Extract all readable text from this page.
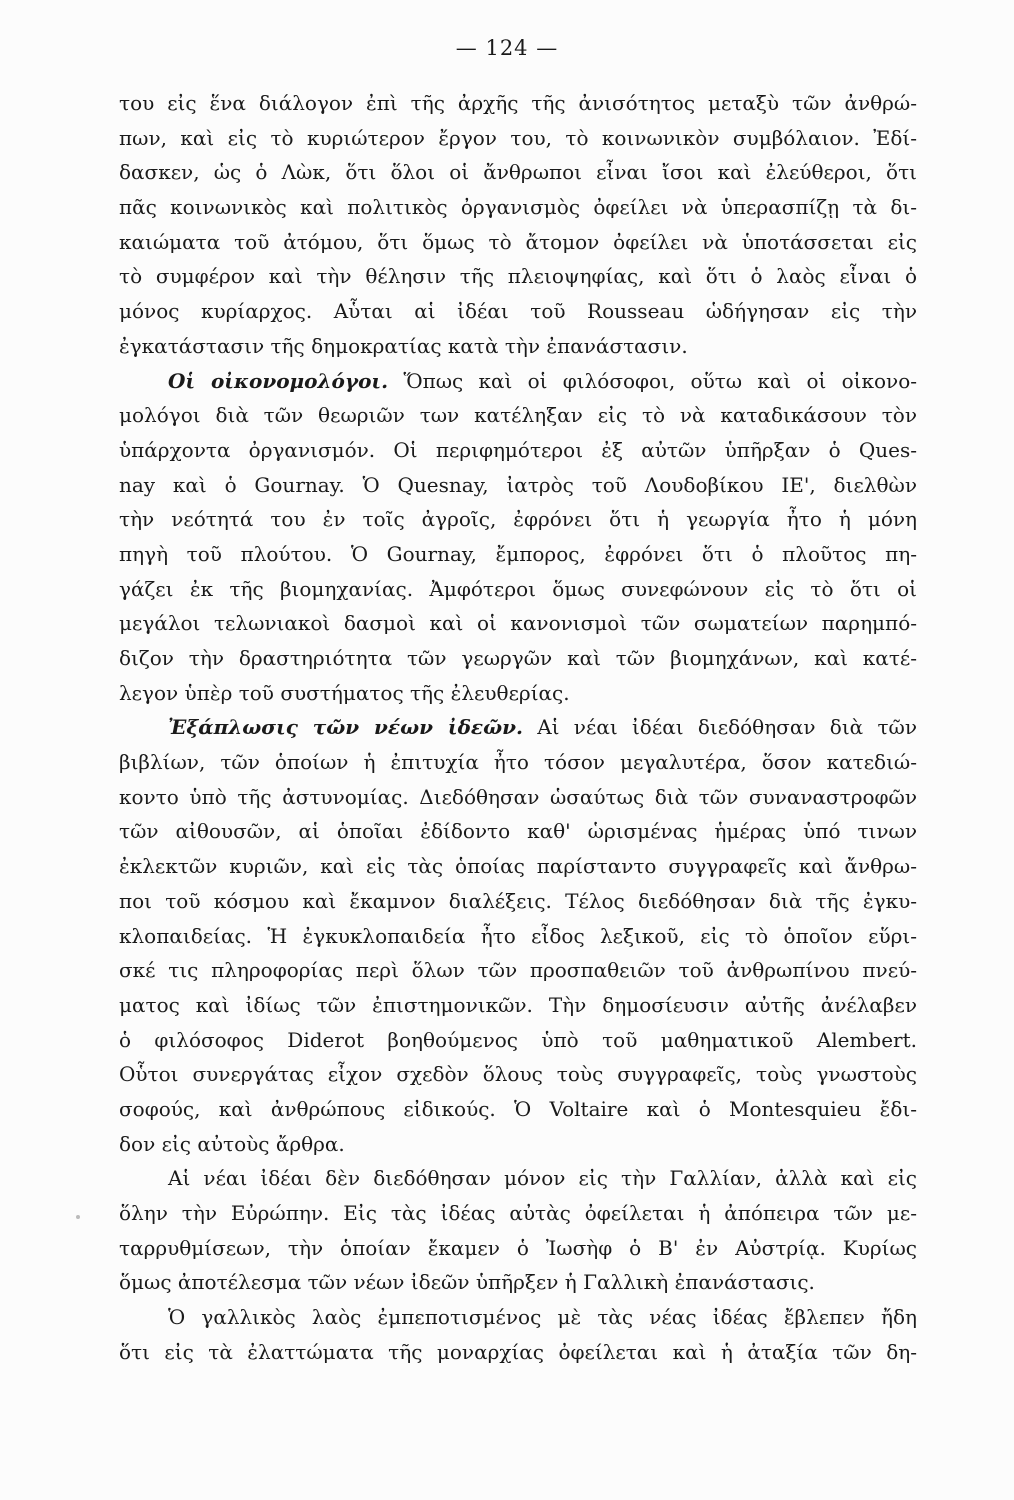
— 124 —
του εἰς ἕνα διάλογον ἐπὶ τῆς ἀρχῆς τῆς ἀνισότητος μεταξὺ τῶν ἀνθρώ-
πων, καὶ εἰς τὸ κυριώτερον ἔργον του, τὸ κοινωνικὸν συμβόλαιον. Ἐδί-
δασκεν, ὡς ὁ Λὼκ, ὅτι ὅλοι οἱ ἄνθρωποι εἶναι ἴσοι καὶ ἐλεύθεροι, ὅτι
πᾶς κοινωνικὸς καὶ πολιτικὸς ὀργανισμὸς ὀφείλει νὰ ὑπερασπίζῃ τὰ δι-
καιώματα τοῦ ἀτόμου, ὅτι ὅμως τὸ ἄτομον ὀφείλει νὰ ὑποτάσσεται εἰς
τὸ συμφέρον καὶ τὴν θέλησιν τῆς πλειοψηφίας, καὶ ὅτι ὁ λαὸς εἶναι ὁ
μόνος κυρίαρχος. Αὗται αἱ ἰδέαι τοῦ Rousseau ὡδήγησαν εἰς τὴν
ἐγκατάστασιν τῆς δημοκρατίας κατὰ τὴν ἐπανάστασιν.
Οἱ οἰκονομολόγοι. Ὅπως καὶ οἱ φιλόσοφοι, οὕτω καὶ οἱ οἰκονο-
μολόγοι διὰ τῶν θεωριῶν των κατέληξαν εἰς τὸ νὰ καταδικάσουν τὸν
ὑπάρχοντα ὀργανισμόν. Οἱ περιφημότεροι ἐξ αὐτῶν ὑπῆρξαν ὁ Ques-
nay καὶ ὁ Gournay. Ὁ Quesnay, ἰατρὸς τοῦ Λουδοβίκου ΙΕ', διελθὼν
τὴν νεότητά του ἐν τοῖς ἀγροῖς, ἐφρόνει ὅτι ἡ γεωργία ἦτο ἡ μόνη
πηγὴ τοῦ πλούτου. Ὁ Gournay, ἔμπορος, ἐφρόνει ὅτι ὁ πλοῦτος πη-
γάζει ἐκ τῆς βιομηχανίας. Ἀμφότεροι ὅμως συνεφώνουν εἰς τὸ ὅτι οἱ
μεγάλοι τελωνιακοὶ δασμοὶ καὶ οἱ κανονισμοὶ τῶν σωματείων παρημπό-
διζον τὴν δραστηριότητα τῶν γεωργῶν καὶ τῶν βιομηχάνων, καὶ κατέ-
λεγον ὑπὲρ τοῦ συστήματος τῆς ἐλευθερίας.
Ἐξάπλωσις τῶν νέων ἰδεῶν. Αἱ νέαι ἰδέαι διεδόθησαν διὰ τῶν
βιβλίων, τῶν ὁποίων ἡ ἐπιτυχία ἦτο τόσον μεγαλυτέρα, ὅσον κατεδιώ-
κοντο ὑπὸ τῆς ἀστυνομίας. Διεδόθησαν ὡσαύτως διὰ τῶν συναναστροφῶν
τῶν αἰθουσῶν, αἱ ὁποῖαι ἐδίδοντο καθ' ὡρισμένας ἡμέρας ὑπό τινων
ἐκλεκτῶν κυριῶν, καὶ εἰς τὰς ὁποίας παρίσταντο συγγραφεῖς καὶ ἄνθρω-
ποι τοῦ κόσμου καὶ ἔκαμνον διαλέξεις. Τέλος διεδόθησαν διὰ τῆς ἐγκυ-
κλοπαιδείας. Ἡ ἐγκυκλοπαιδεία ἦτο εἶδος λεξικοῦ, εἰς τὸ ὁποῖον εὕρι-
σκέ τις πληροφορίας περὶ ὅλων τῶν προσπαθειῶν τοῦ ἀνθρωπίνου πνεύ-
ματος καὶ ἰδίως τῶν ἐπιστημονικῶν. Τὴν δημοσίευσιν αὐτῆς ἀνέλαβεν
ὁ φιλόσοφος Diderot βοηθούμενος ὑπὸ τοῦ μαθηματικοῦ Alembert.
Οὗτοι συνεργάτας εἶχον σχεδὸν ὅλους τοὺς συγγραφεῖς, τοὺς γνωστοὺς
σοφούς, καὶ ἀνθρώπους εἰδικούς. Ὁ Voltaire καὶ ὁ Montesquieu ἔδι-
δον εἰς αὐτοὺς ἄρθρα.
Αἱ νέαι ἰδέαι δὲν διεδόθησαν μόνον εἰς τὴν Γαλλίαν, ἀλλὰ καὶ εἰς
ὅλην τὴν Εὐρώπην. Εἰς τὰς ἰδέας αὐτὰς ὀφείλεται ἡ ἀπόπειρα τῶν με-
ταρρυθμίσεων, τὴν ὁποίαν ἔκαμεν ὁ Ἰωσὴφ ὁ Β' ἐν Αὐστρίᾳ. Κυρίως
ὅμως ἀποτέλεσμα τῶν νέων ἰδεῶν ὑπῆρξεν ἡ Γαλλικὴ ἐπανάστασις.
Ὁ γαλλικὸς λαὸς ἐμπεποτισμένος μὲ τὰς νέας ἰδέας ἔβλεπεν ἤδη
ὅτι εἰς τὰ ἐλαττώματα τῆς μοναρχίας ὀφείλεται καὶ ἡ ἀταξία τῶν δη-
